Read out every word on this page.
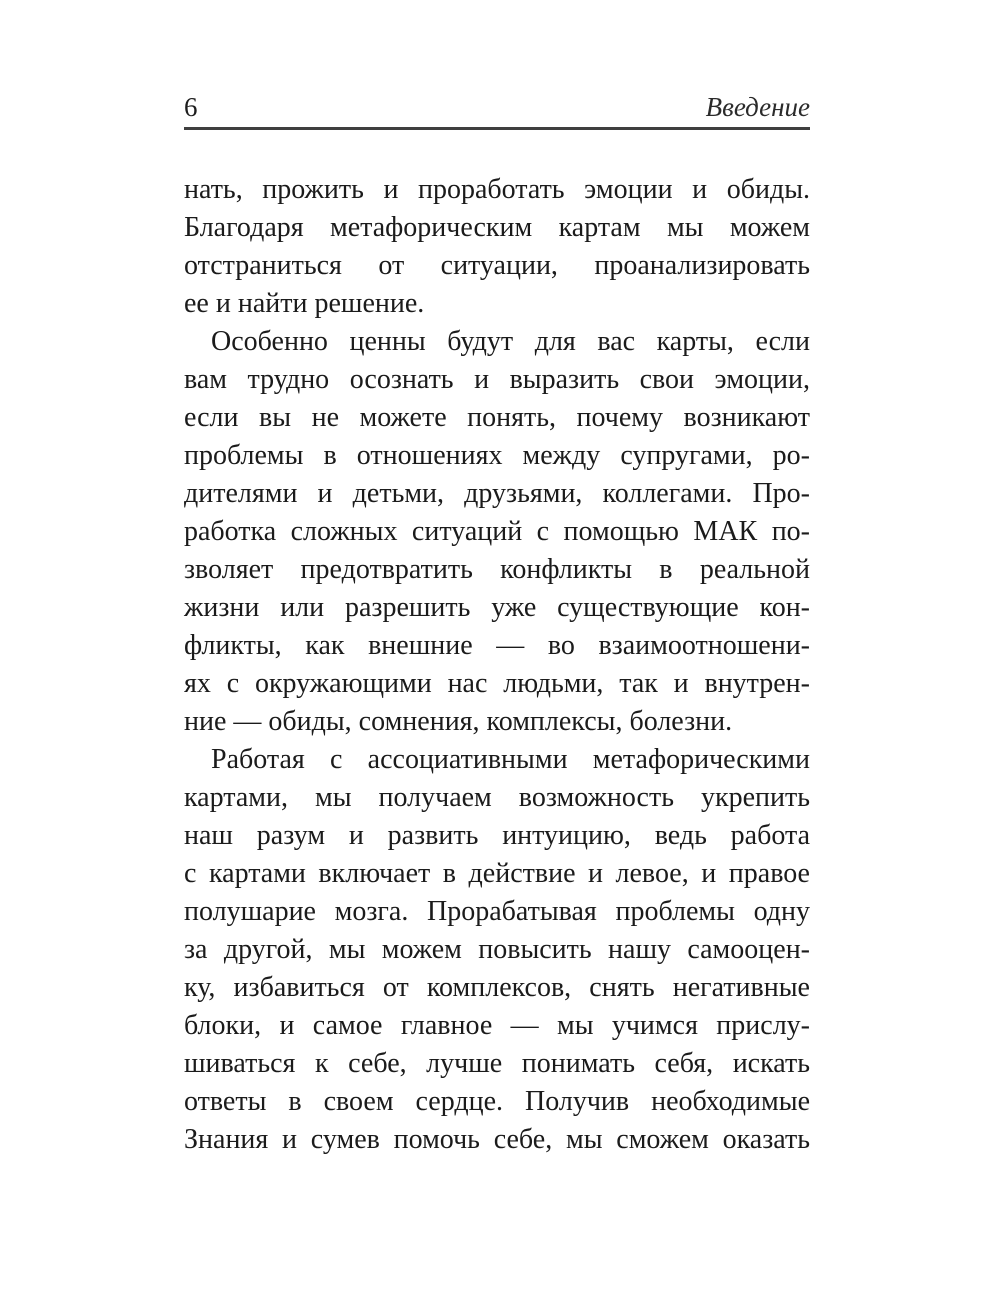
6	Введение
нать, прожить и проработать эмоции и обиды.
Благодаря метафорическим картам мы можем
отстраниться от ситуации, проанализировать
ее и найти решение.
Особенно ценны будут для вас карты, если
вам трудно осознать и выразить свои эмоции,
если вы не можете понять, почему возникают
проблемы в отношениях между супругами, ро-
дителями и детьми, друзьями, коллегами. Про-
работка сложных ситуаций с помощью МАК по-
зволяет предотвратить конфликты в реальной
жизни или разрешить уже существующие кон-
фликты, как внешние — во взаимоотношени-
ях с окружающими нас людьми, так и внутрен-
ние — обиды, сомнения, комплексы, болезни.
Работая с ассоциативными метафорическими
картами, мы получаем возможность укрепить
наш разум и развить интуицию, ведь работа
с картами включает в действие и левое, и правое
полушарие мозга. Прорабатывая проблемы одну
за другой, мы можем повысить нашу самооцен-
ку, избавиться от комплексов, снять негативные
блоки, и самое главное — мы учимся прислу-
шиваться к себе, лучше понимать себя, искать
ответы в своем сердце. Получив необходимые
Знания и сумев помочь себе, мы сможем оказать
